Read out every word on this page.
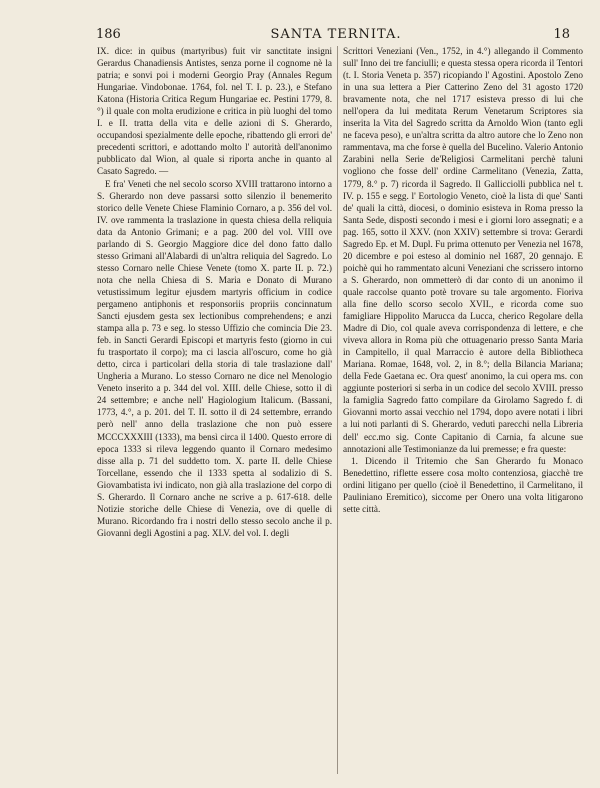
186	SANTA TERNITA.	18

IX. dice: in quibus (martyribus) fuit vir sanctitate insigni Gerardus Chanadiensis Antistes, senza porne il cognome nè la patria; e sonvi poi i moderni Georgio Pray (Annales Regum Hungariae. Vindobonae. 1764, fol. nel T. I. p. 23.), e Stefano Katona (Historia Critica Regum Hungariae ec. Pestini 1779, 8.°) il quale con molta erudizione e critica in più luoghi del tomo I. e II. tratta della vita e delle azioni di S. Gherardo, occupandosi spezialmente delle epoche, ribattendo gli errori de' precedenti scrittori, e adottando molto l' autorità dell'anonimo pubblicato dal Wion, al quale si riporta anche in quanto al Casato Sagredo. —

E fra' Veneti che nel secolo scorso XVIII trattarono intorno a S. Gherardo non deve passarsi sotto silenzio il benemerito storico delle Venete Chiese Flaminio Cornaro, a p. 356 del vol. IV. ove rammenta la traslazione in questa chiesa della reliquia data da Antonio Grimani; e a pag. 200 del vol. VIII ove parlando di S. Georgio Maggiore dice del dono fatto dallo stesso Grimani all'Alabardi di un'altra reliquia del Sagredo. Lo stesso Cornaro nelle Chiese Venete (tomo X. parte II. p. 72.) nota che nella Chiesa di S. Maria e Donato di Murano vetustissimum legitur ejusdem martyris officium in codice pergameno antiphonis et responsoriis propriis concinnatum Sancti ejusdem gesta sex lectionibus comprehendens; e anzi stampa alla p. 73 e seg. lo stesso Uffizio che comincia Die 23. feb. in Sancti Gerardi Episcopi et martyris festo (giorno in cui fu trasportato il corpo); ma ci lascia all'oscuro, come ho già detto, circa i particolari della storia di tale traslazione dall' Ungheria a Murano. Lo stesso Cornaro ne dice nel Menologio Veneto inserito a p. 344 del vol. XIII. delle Chiese, sotto il dì 24 settembre; e anche nell' Hagiologium Italicum. (Bassani, 1773, 4.°, a p. 201. del T. II. sotto il dì 24 settembre, errando però nell' anno della traslazione che non può essere MCCCXXXIII (1333), ma bensì circa il 1400. Questo errore di epoca 1333 si rileva leggendo quanto il Cornaro medesimo disse alla p. 71 del suddetto tom. X. parte II. delle Chiese Torcellane, essendo che il 1333 spetta al sodalizio di S. Giovambatista ivi indicato, non già alla traslazione del corpo di S. Gherardo. Il Cornaro anche ne scrive a p. 617-618. delle Notizie storiche delle Chiese di Venezia, ove di quelle di Murano. Ricordando fra i nostri dello stesso secolo anche il p. Giovanni degli Agostini a pag. XLV. del vol. I. degli

Scrittori Veneziani (Ven., 1752, in 4.°) allegando il Commento sull' Inno dei tre fanciulli; e questa stessa opera ricorda il Tentori (t. I. Storia Veneta p. 357) ricopiando l' Agostini. Apostolo Zeno in una sua lettera a Pier Catterino Zeno del 31 agosto 1720 bravamente nota, che nel 1717 esisteva presso di lui che nell'opera da lui meditata Rerum Venetarum Scriptores sia inserita la Vita del Sagredo scritta da Arnoldo Wion (tanto egli ne faceva peso), e un'altra scritta da altro autore che lo Zeno non rammentava, ma che forse è quella del Bucelino. Valerio Antonio Zarabini nella Serie de'Religiosi Carmelitani perchè taluni vogliono che fosse dell' ordine Carmelitano (Venezia, Zatta, 1779, 8.° p. 7) ricorda il Sagredo. Il Gallicciolli pubblica nel t. IV. p. 155 e segg. l' Eortologio Veneto, cioè la lista di que' Santi de' quali la città, diocesi, o dominio esisteva in Roma presso la Santa Sede, disposti secondo i mesi e i giorni loro assegnati; e a pag. 165, sotto il XXV. (non XXIV) settembre si trova: Gerardi Sagredo Ep. et M. Dupl. Fu prima ottenuto per Venezia nel 1678, 20 dicembre e poi esteso al dominio nel 1687, 20 gennajo. E poichè qui ho rammentato alcuni Veneziani che scrissero intorno a S. Gherardo, non ommetterò di dar conto di un anonimo il quale raccolse quanto potè trovare su tale argomento. Fioriva alla fine dello scorso secolo XVII., e ricorda come suo famigliare Hippolito Marucca da Lucca, cherico Regolare della Madre di Dio, col quale aveva corrispondenza di lettere, e che viveva allora in Roma più che ottuagenario presso Santa Maria in Campitello, il qual Marraccio è autore della Bibliotheca Mariana. Romae, 1648, vol. 2, in 8.°; della Bilancia Mariana; della Fede Gaetana ec. Ora quest' anonimo, la cui opera ms. con aggiunte posteriori si serba in un codice del secolo XVIII. presso la famiglia Sagredo fatto compilare da Girolamo Sagredo f. di Giovanni morto assai vecchio nel 1794, dopo avere notati i libri a lui noti parlanti di S. Gherardo, veduti parecchi nella Libreria dell' ecc.mo sig. Conte Capitanio di Carnia, fa alcune sue annotazioni alle Testimonianze da lui premesse; e fra queste:

1. Dicendo il Tritemio che San Gherardo fu Monaco Benedettino, riflette essere cosa molto contenziosa, giacchè tre ordini litigano per quello (cioè il Benedettino, il Carmelitano, il Pauliniano Eremitico), siccome per Onero una volta litigarono sette città.
